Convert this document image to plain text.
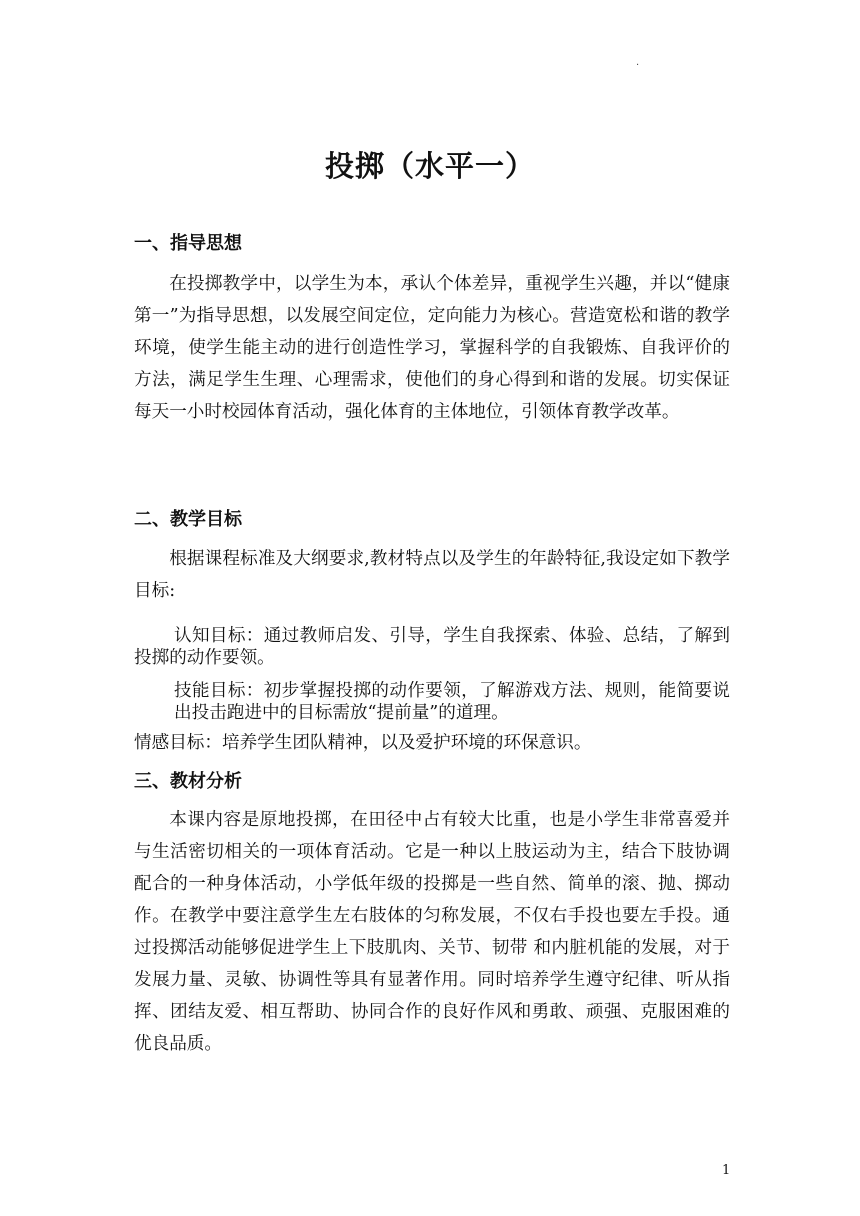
.
投掷（水平一）
一、指导思想

在投掷教学中，以学生为本，承认个体差异，重视学生兴趣，并以“健康第一”为指导思想，以发展空间定位，定向能力为核心。营造宽松和谐的教学环境，使学生能主动的进行创造性学习，掌握科学的自我锻炼、自我评价的方法，满足学生生理、心理需求，使他们的身心得到和谐的发展。切实保证每天一小时校园体育活动，强化体育的主体地位，引领体育教学改革。

二、教学目标

根据课程标准及大纲要求,教材特点以及学生的年龄特征,我设定如下教学目标:

认知目标：通过教师启发、引导，学生自我探索、体验、总结，了解到投掷的动作要领。

技能目标：初步掌握投掷的动作要领，了解游戏方法、规则，能简要说出投击跑进中的目标需放“提前量”的道理。

情感目标：培养学生团队精神，以及爱护环境的环保意识。

三、教材分析

本课内容是原地投掷，在田径中占有较大比重，也是小学生非常喜爱并与生活密切相关的一项体育活动。它是一种以上肢运动为主，结合下肢协调配合的一种身体活动，小学低年级的投掷是一些自然、简单的滚、抛、掷动作。在教学中要注意学生左右肢体的匀称发展，不仅右手投也要左手投。通过投掷活动能够促进学生上下肢肌肉、关节、韧带 和内脏机能的发展，对于发展力量、灵敏、协调性等具有显著作用。同时培养学生遵守纪律、听从指挥、团结友爱、相互帮助、协同合作的良好作风和勇敢、顽强、克服困难的优良品质。

1
